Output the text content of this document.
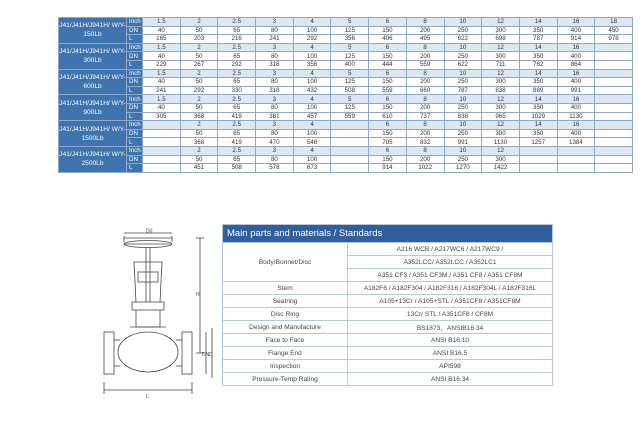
J41/J41H/J941H/ W/Y-150Lb	Inch	1.5	2	2.5	3	4	5	6	8	10	12	14	16	18
	DN	40	50	65	80	100	125	150	200	250	300	350	400	450
	L	165	203	216	241	292	356	406	495	622	698	787	914	978
J41/J41H/J941H/ W/Y-300Lb	Inch	1.5	2	2.5	3	4	5	6	8	10	12	14	16	
	DN	40	50	65	80	100	125	150	200	250	300	350	400	
	L	229	267	292	318	356	400	444	559	622	711	762	864	
J41/J41H/J941H/ W/Y-600Lb	Inch	1.5	2	2.5	3	4	5	6	8	10	12	14	16	
	DN	40	50	65	80	100	125	150	200	250	300	350	400	
	L	241	292	330	318	432	508	559	660	787	838	889	991	
J41/J41H/J941H/ W/Y-900Lb	Inch	1.5	2	2.5	3	4	5	6	8	10	12	14	16	
	DN	40	50	65	80	100	125	150	200	250	300	350	400	
	L	305	368	419	381	457	559	610	737	838	965	1029	1130	
J41/J41H/J941H/ W/Y-1500Lb	Inch		2	2.5	3	4		6	8	10	12	14	16	
	DN		50	65	80	100		150	200	250	300	350	400	
	L		368	419	470	546		705	832	991	1130	1257	1384	
J41/J41H/J941H/ W/Y-2500Lb	Inch		2	2.5	3	4		6	8	10	12			
	DN		50	65	80	100		150	200	250	300			
	L		451	508	578	673		914	1022	1270	1422			
D0
H
DN D
L
Main parts and materials / Standards	
Body/Bonnet/Disc	A216 WCB / A217WC6 / A217WC9 /
	A352LCC/ A352LCC / A352LC1
	A351 CF3 / A351 CF3M / A351 CF8 / A351 CF8M
Stem	A182F6 / A182F304 / A182F316 / A182F304L / A182F316L
Seatring	A105+13Cr / A105+STL / A351CF8 / A351CF8M
Disc Ring	13Cr/ STL / A351CF8 / CF8M
Design and Manufacture	BS1873、ANSIB16.34
Face to Face	ANSI B16.10
Flange End	ANSI B16.5
Inspection	API598
Pressure-Temp Rating	ANSI B16.34
